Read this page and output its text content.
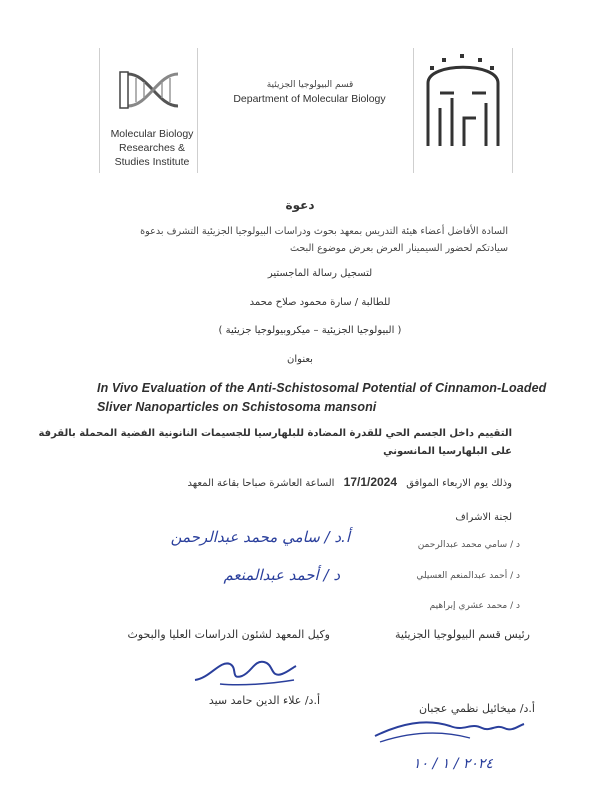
Molecular Biology
Researches &
Studies Institute
قسم البيولوجيا الجزيئية
Department of Molecular Biology
دعوة
السادة الأفاضل أعضاء هيئة التدريس بمعهد بحوث ودراسات البيولوجيا الجزيئية التشرف بدعوة
سيادتكم لحضور السيمينار العرض بعرض موضوع البحث
لتسجيل رسالة الماجستير
للطالبة / سارة محمود صلاح محمد
( البيولوجيا الجزيئية – ميكروبيولوجيا جزيئية )
بعنوان
In Vivo Evaluation of the Anti-Schistosomal Potential of Cinnamon-Loaded
Sliver Nanoparticles on Schistosoma mansoni
التقييم داخل الجسم الحي للقدرة المضادة للبلهارسيا للجسيمات النانونية الفضية المحملة بالقرفة
على البلهارسيا المانسوني
وذلك يوم الاربعاء الموافق 17/1/2024 الساعة العاشرة صباحا بقاعة المعهد
لجنة الاشراف
د / سامي محمد عبدالرحمن
د / أحمد عبدالمنعم العسيلي
د / محمد عشري إبراهيم
أ.د / سامي محمد عبدالرحمن
د / أحمد عبدالمنعم
رئيس قسم البيولوجيا الجزيئية
وكيل المعهد لشئون الدراسات العليا والبحوث
أ.د/ علاء الدين حامد سيد
أ.د/ ميخائيل نظمي عجبان
٢٠٢٤ / ١ / ١٠
